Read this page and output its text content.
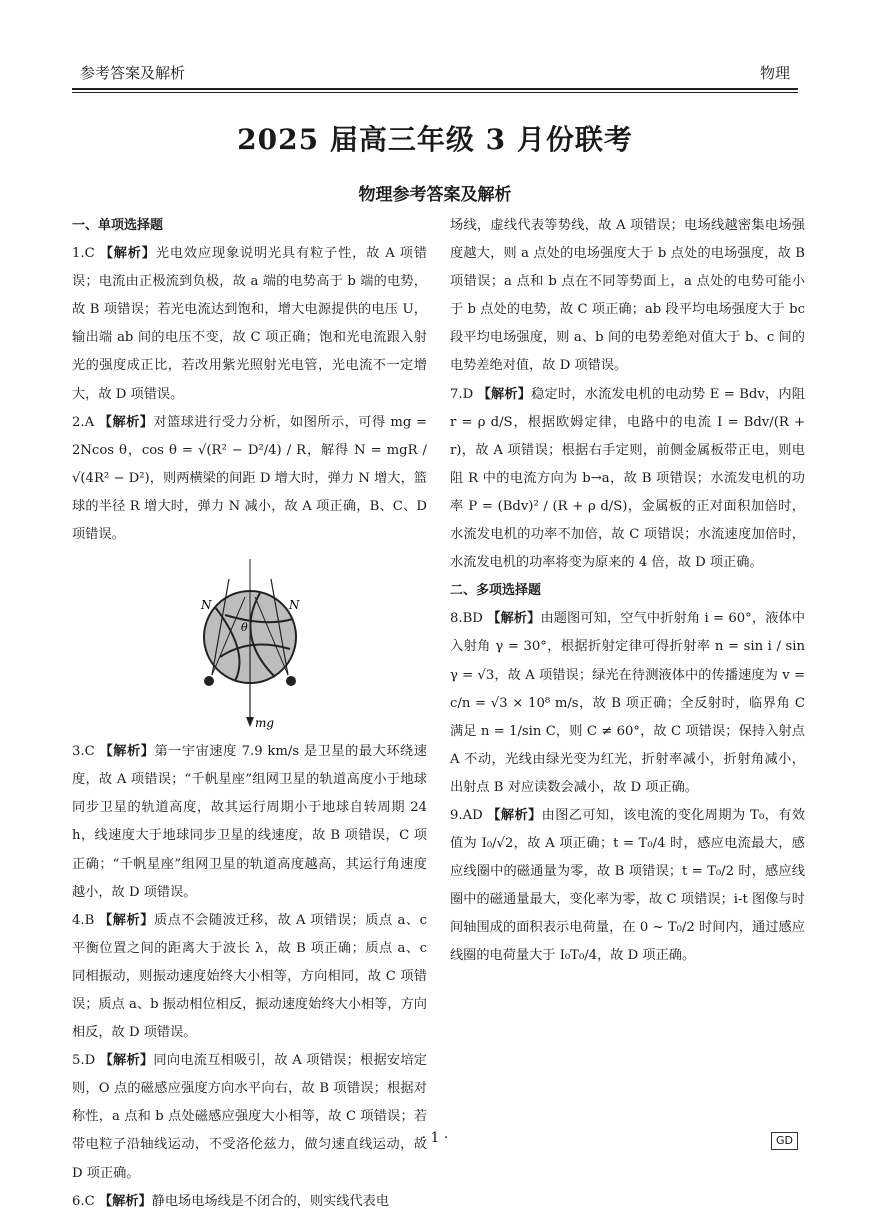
参考答案及解析	物理
2025 届高三年级 3 月份联考
物理参考答案及解析

一、单项选择题

1.C 【解析】光电效应现象说明光具有粒子性，故 A 项错误；电流由正极流到负极，故 a 端的电势高于 b 端的电势，故 B 项错误；若光电流达到饱和，增大电源提供的电压 U，输出端 ab 间的电压不变，故 C 项正确；饱和光电流跟入射光的强度成正比，若改用紫光照射光电管，光电流不一定增大，故 D 项错误。

2.A 【解析】对篮球进行受力分析，如图所示，可得 mg = 2Ncos θ，cos θ = √(R² − D²/4) / R，解得 N = mgR / √(4R² − D²)，则两横梁的间距 D 增大时，弹力 N 增大，篮球的半径 R 增大时，弹力 N 减小，故 A 项正确，B、C、D 项错误。

N	N
θ
mg

3.C 【解析】第一宇宙速度 7.9 km/s 是卫星的最大环绕速度，故 A 项错误；“千帆星座”组网卫星的轨道高度小于地球同步卫星的轨道高度，故其运行周期小于地球自转周期 24 h，线速度大于地球同步卫星的线速度，故 B 项错误，C 项正确；“千帆星座”组网卫星的轨道高度越高，其运行角速度越小，故 D 项错误。

4.B 【解析】质点不会随波迁移，故 A 项错误；质点 a、c 平衡位置之间的距离大于波长 λ，故 B 项正确；质点 a、c 同相振动，则振动速度始终大小相等，方向相同，故 C 项错误；质点 a、b 振动相位相反，振动速度始终大小相等，方向相反，故 D 项错误。

5.D 【解析】同向电流互相吸引，故 A 项错误；根据安培定则，O 点的磁感应强度方向水平向右，故 B 项错误；根据对称性，a 点和 b 点处磁感应强度大小相等，故 C 项错误；若带电粒子沿轴线运动，不受洛伦兹力，做匀速直线运动，故 D 项正确。

6.C 【解析】静电场电场线是不闭合的，则实线代表电

场线，虚线代表等势线，故 A 项错误；电场线越密集电场强度越大，则 a 点处的电场强度大于 b 点处的电场强度，故 B 项错误；a 点和 b 点在不同等势面上，a 点处的电势可能小于 b 点处的电势，故 C 项正确；ab 段平均电场强度大于 bc 段平均电场强度，则 a、b 间的电势差绝对值大于 b、c 间的电势差绝对值，故 D 项错误。

7.D 【解析】稳定时，水流发电机的电动势 E = Bdv，内阻 r = ρ d/S，根据欧姆定律，电路中的电流 I = Bdv/(R + r)，故 A 项错误；根据右手定则，前侧金属板带正电，则电阻 R 中的电流方向为 b→a，故 B 项错误；水流发电机的功率 P = (Bdv)² / (R + ρ d/S)，金属板的正对面积加倍时，水流发电机的功率不加倍，故 C 项错误；水流速度加倍时，水流发电机的功率将变为原来的 4 倍，故 D 项正确。

二、多项选择题

8.BD 【解析】由题图可知，空气中折射角 i = 60°，液体中入射角 γ = 30°，根据折射定律可得折射率 n = sin i / sin γ = √3，故 A 项错误；绿光在待测液体中的传播速度为 v = c/n = √3 × 10⁸ m/s，故 B 项正确；全反射时，临界角 C 满足 n = 1/sin C，则 C ≠ 60°，故 C 项错误；保持入射点 A 不动，光线由绿光变为红光，折射率减小，折射角减小，出射点 B 对应读数会减小，故 D 项正确。

9.AD 【解析】由图乙可知，该电流的变化周期为 T₀，有效值为 I₀/√2，故 A 项正确；t = T₀/4 时，感应电流最大，感应线圈中的磁通量为零，故 B 项错误；t = T₀/2 时，感应线圈中的磁通量最大，变化率为零，故 C 项错误；i-t 图像与时间轴围成的面积表示电荷量，在 0 ~ T₀/2 时间内，通过感应线圈的电荷量大于 I₀T₀/4，故 D 项正确。

· 1 ·	GD
